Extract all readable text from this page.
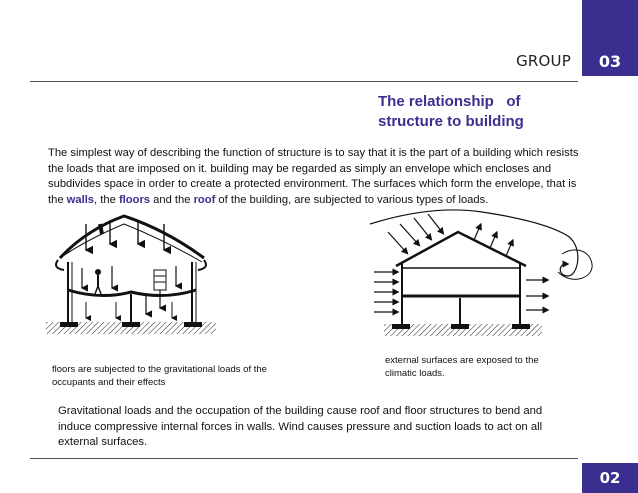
GROUP	03
The relationship   of
structure to building
The simplest way of describing the function of structure is to say that it is the part of a building which resists the loads that are imposed on it. building may be regarded as simply an envelope which encloses and subdivides space in order to create a protected environment. The surfaces which form the envelope, that is the walls, the floors and the roof of the building, are subjected to various types of loads.
floors are subjected to the gravitational loads of the occupants and their effects
external surfaces are exposed to the climatic loads.
Gravitational loads and the occupation of the building cause roof and floor structures to bend and induce compressive internal forces in walls. Wind causes pressure and suction loads to act on all external surfaces.
02
